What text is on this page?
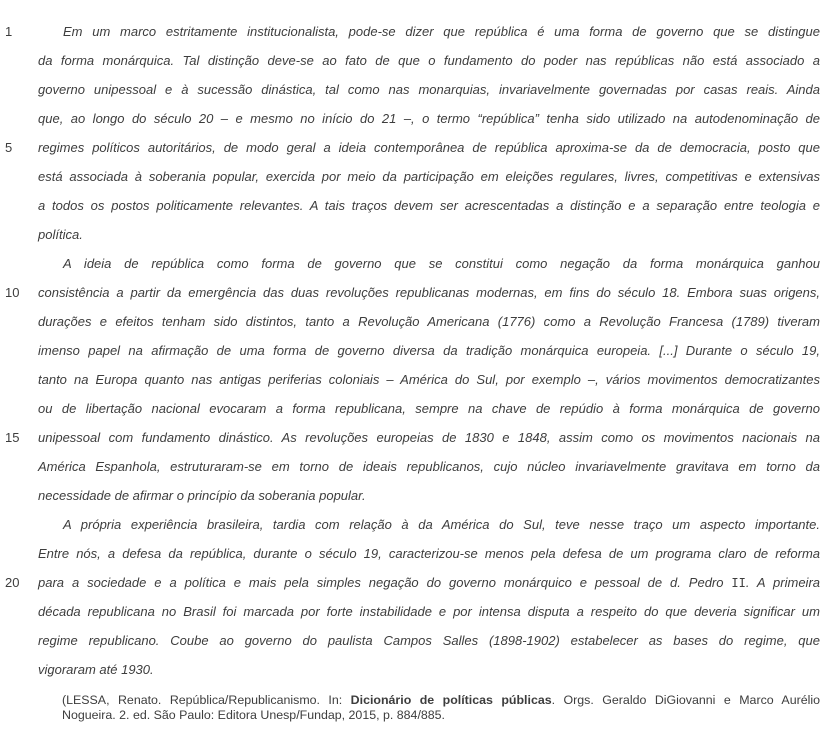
1
5
10
15
20
Em um marco estritamente institucionalista, pode-se dizer que república é uma forma de governo que se distingue
da forma monárquica. Tal distinção deve-se ao fato de que o fundamento do poder nas repúblicas não está associado a
governo unipessoal e à sucessão dinástica, tal como nas monarquias, invariavelmente governadas por casas reais. Ainda
que, ao longo do século 20 – e mesmo no início do 21 –, o termo “república” tenha sido utilizado na autodenominação de
regimes políticos autoritários, de modo geral a ideia contemporânea de república aproxima-se da de democracia, posto que
está associada à soberania popular, exercida por meio da participação em eleições regulares, livres, competitivas e extensivas
a todos os postos politicamente relevantes. A tais traços devem ser acrescentadas a distinção e a separação entre teologia e
política.
A ideia de república como forma de governo que se constitui como negação da forma monárquica ganhou
consistência a partir da emergência das duas revoluções republicanas modernas, em fins do século 18. Embora suas origens,
durações e efeitos tenham sido distintos, tanto a Revolução Americana (1776) como a Revolução Francesa (1789) tiveram
imenso papel na afirmação de uma forma de governo diversa da tradição monárquica europeia. [...] Durante o século 19,
tanto na Europa quanto nas antigas periferias coloniais – América do Sul, por exemplo –, vários movimentos democratizantes
ou de libertação nacional evocaram a forma republicana, sempre na chave de repúdio à forma monárquica de governo
unipessoal com fundamento dinástico. As revoluções europeias de 1830 e 1848, assim como os movimentos nacionais na
América Espanhola, estruturaram-se em torno de ideais republicanos, cujo núcleo invariavelmente gravitava em torno da
necessidade de afirmar o princípio da soberania popular.
A própria experiência brasileira, tardia com relação à da América do Sul, teve nesse traço um aspecto importante.
Entre nós, a defesa da república, durante o século 19, caracterizou-se menos pela defesa de um programa claro de reforma
para a sociedade e a política e mais pela simples negação do governo monárquico e pessoal de d. Pedro II. A primeira
década republicana no Brasil foi marcada por forte instabilidade e por intensa disputa a respeito do que deveria significar um
regime republicano. Coube ao governo do paulista Campos Salles (1898-1902) estabelecer as bases do regime, que
vigoraram até 1930.
(LESSA, Renato. República/Republicanismo. In: Dicionário de políticas públicas. Orgs. Geraldo DiGiovanni e Marco Aurélio
Nogueira. 2. ed. São Paulo: Editora Unesp/Fundap, 2015, p. 884/885.
